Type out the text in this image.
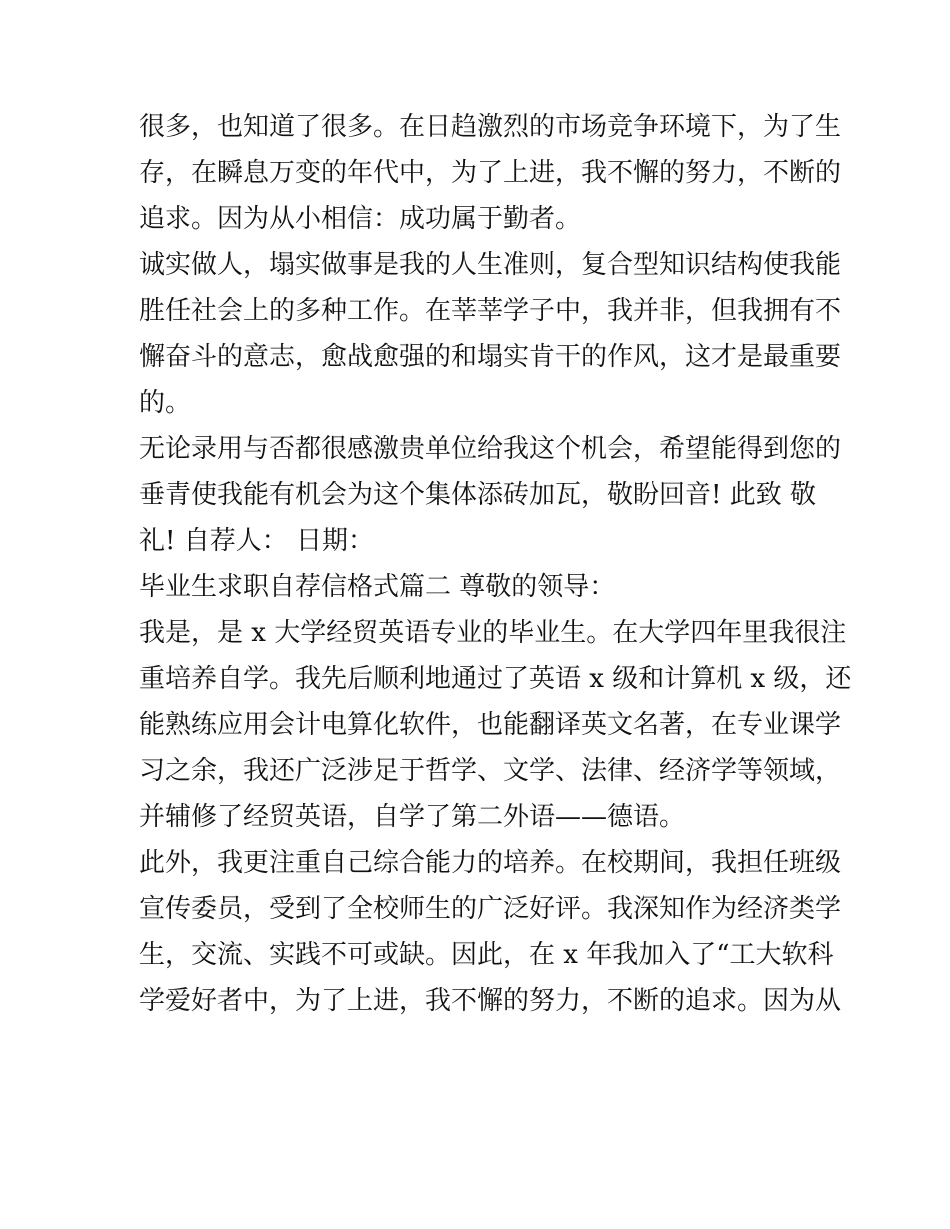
很多，也知道了很多。在日趋激烈的市场竞争环境下，为了生
存，在瞬息万变的年代中，为了上进，我不懈的努力，不断的
追求。因为从小相信：成功属于勤者。
诚实做人，塌实做事是我的人生准则，复合型知识结构使我能
胜任社会上的多种工作。在莘莘学子中，我并非，但我拥有不
懈奋斗的意志，愈战愈强的和塌实肯干的作风，这才是最重要
的。
无论录用与否都很感激贵单位给我这个机会，希望能得到您的
垂青使我能有机会为这个集体添砖加瓦，敬盼回音! 此致 敬
礼! 自荐人： 日期：
毕业生求职自荐信格式篇二 尊敬的领导：
我是，是 x 大学经贸英语专业的毕业生。在大学四年里我很注
重培养自学。我先后顺利地通过了英语 x 级和计算机 x 级，还
能熟练应用会计电算化软件，也能翻译英文名著，在专业课学
习之余，我还广泛涉足于哲学、文学、法律、经济学等领域，
并辅修了经贸英语，自学了第二外语——德语。
此外，我更注重自己综合能力的培养。在校期间，我担任班级
宣传委员，受到了全校师生的广泛好评。我深知作为经济类学
生，交流、实践不可或缺。因此，在 x 年我加入了“工大软科
学爱好者中，为了上进，我不懈的努力，不断的追求。因为从
